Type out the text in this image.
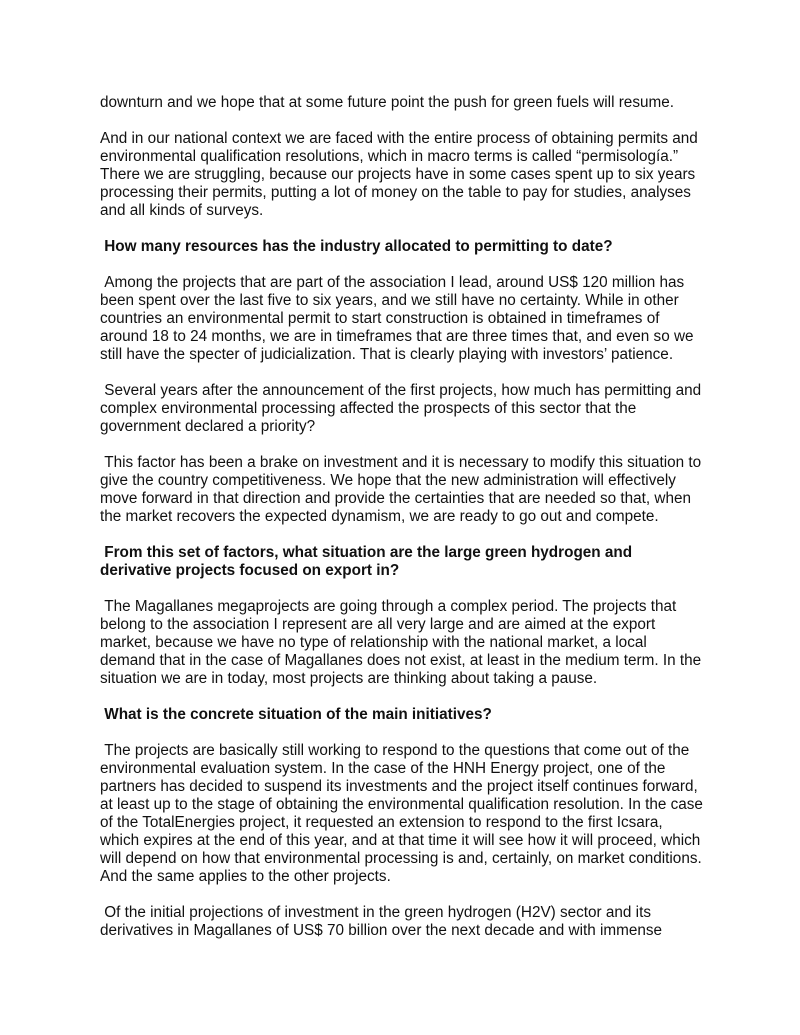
downturn and we hope that at some future point the push for green fuels will resume.

And in our national context we are faced with the entire process of obtaining permits and environmental qualification resolutions, which in macro terms is called “permisología.” There we are struggling, because our projects have in some cases spent up to six years processing their permits, putting a lot of money on the table to pay for studies, analyses and all kinds of surveys.

How many resources has the industry allocated to permitting to date?

Among the projects that are part of the association I lead, around US$ 120 million has been spent over the last five to six years, and we still have no certainty. While in other countries an environmental permit to start construction is obtained in timeframes of around 18 to 24 months, we are in timeframes that are three times that, and even so we still have the specter of judicialization. That is clearly playing with investors’ patience.

Several years after the announcement of the first projects, how much has permitting and complex environmental processing affected the prospects of this sector that the government declared a priority?

This factor has been a brake on investment and it is necessary to modify this situation to give the country competitiveness. We hope that the new administration will effectively move forward in that direction and provide the certainties that are needed so that, when the market recovers the expected dynamism, we are ready to go out and compete.

From this set of factors, what situation are the large green hydrogen and derivative projects focused on export in?

The Magallanes megaprojects are going through a complex period. The projects that belong to the association I represent are all very large and are aimed at the export market, because we have no type of relationship with the national market, a local demand that in the case of Magallanes does not exist, at least in the medium term. In the situation we are in today, most projects are thinking about taking a pause.

What is the concrete situation of the main initiatives?

The projects are basically still working to respond to the questions that come out of the environmental evaluation system. In the case of the HNH Energy project, one of the partners has decided to suspend its investments and the project itself continues forward, at least up to the stage of obtaining the environmental qualification resolution. In the case of the TotalEnergies project, it requested an extension to respond to the first Icsara, which expires at the end of this year, and at that time it will see how it will proceed, which will depend on how that environmental processing is and, certainly, on market conditions. And the same applies to the other projects.

Of the initial projections of investment in the green hydrogen (H2V) sector and its derivatives in Magallanes of US$ 70 billion over the next decade and with immense
